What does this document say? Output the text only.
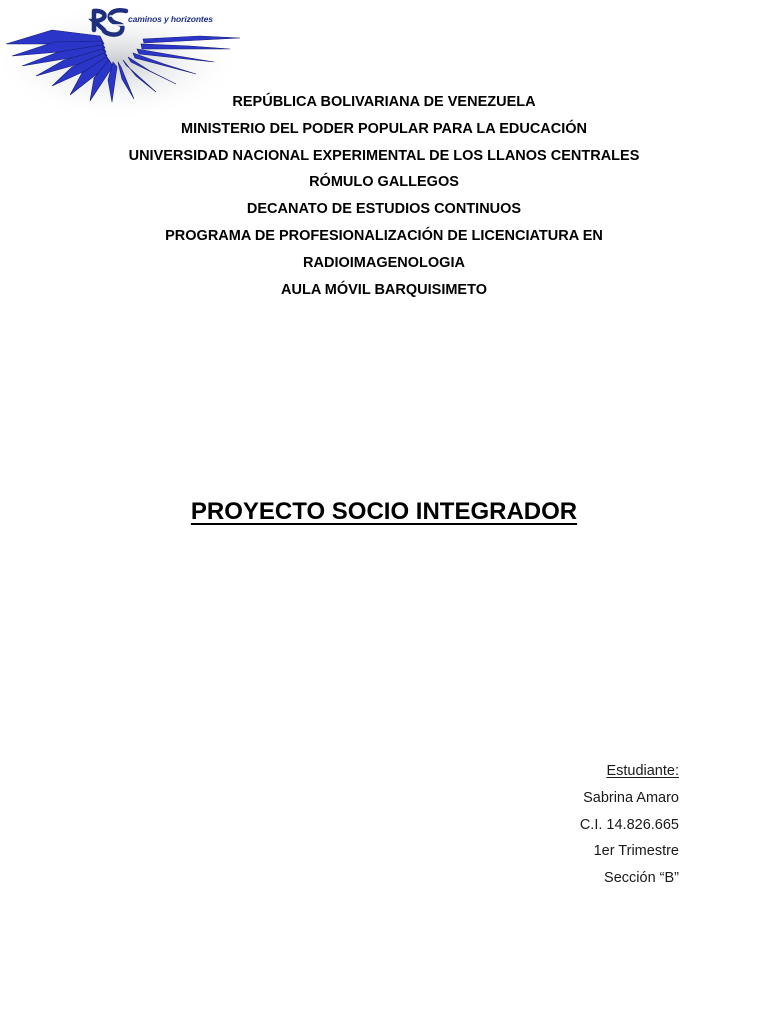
caminos y horizontes
REPÚBLICA BOLIVARIANA DE VENEZUELA
MINISTERIO DEL PODER POPULAR PARA LA EDUCACIÓN
UNIVERSIDAD NACIONAL EXPERIMENTAL DE LOS LLANOS CENTRALES
RÓMULO GALLEGOS
DECANATO DE ESTUDIOS CONTINUOS
PROGRAMA DE PROFESIONALIZACIÓN DE LICENCIATURA EN
RADIOIMAGENOLOGIA
AULA MÓVIL BARQUISIMETO
PROYECTO SOCIO INTEGRADOR
Estudiante:
Sabrina Amaro
C.I. 14.826.665
1er Trimestre
Sección “B”
